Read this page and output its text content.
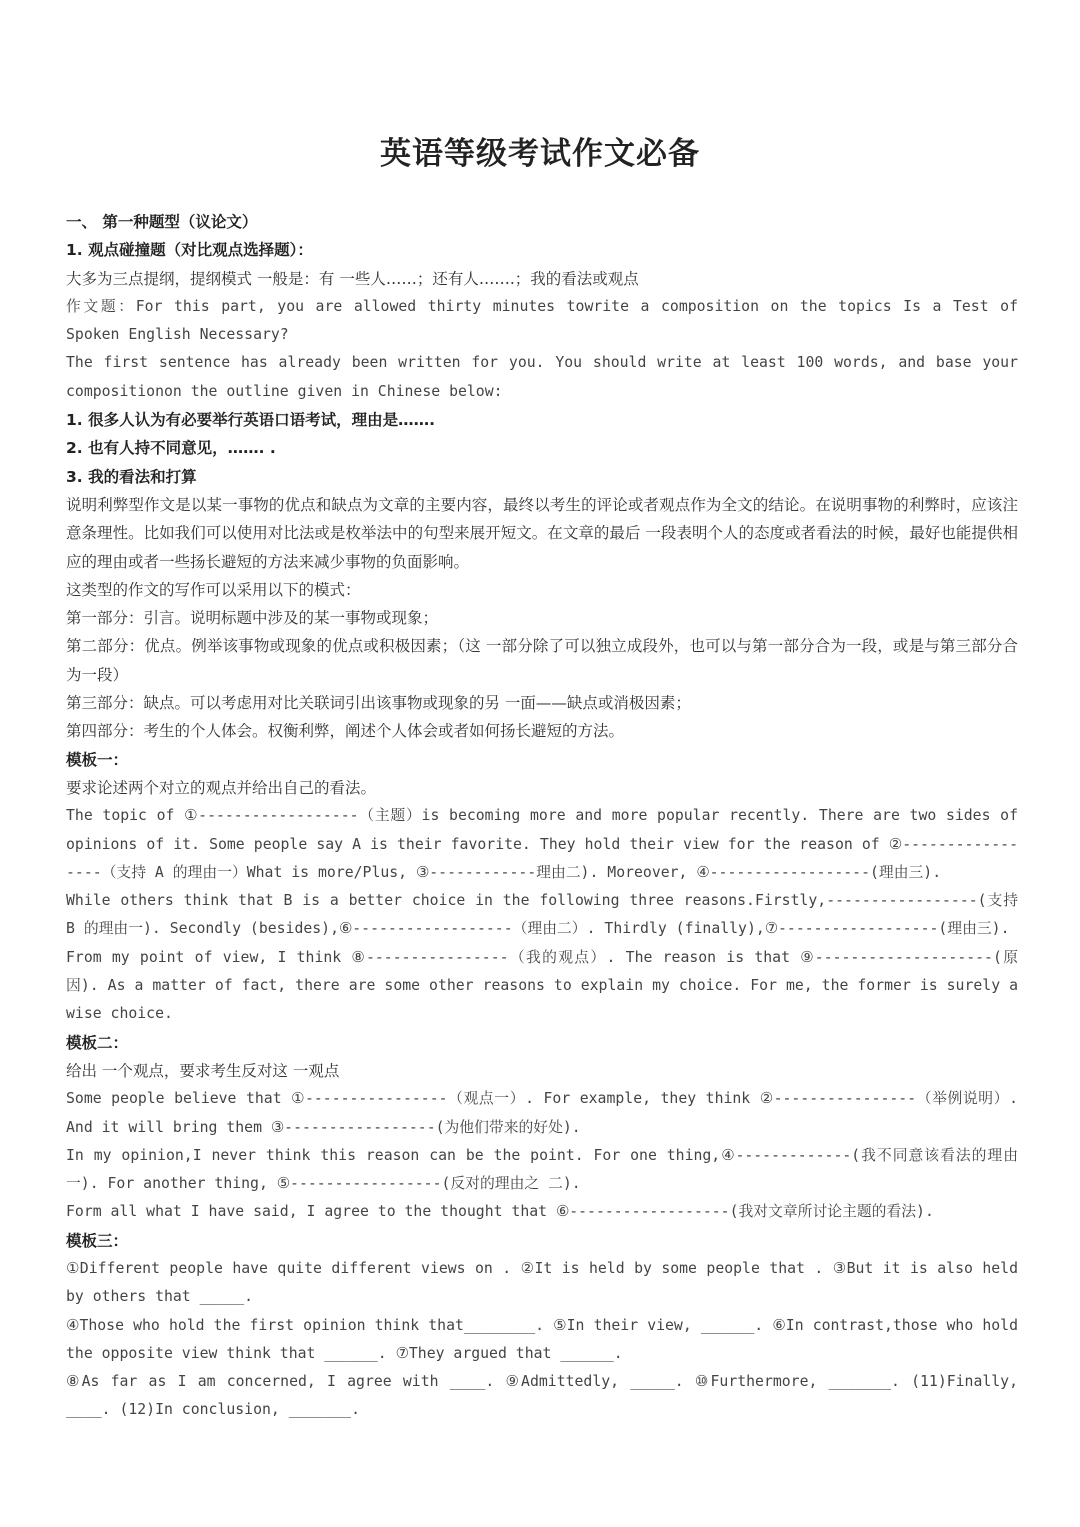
英语等级考试作文必备

一、 第一种题型（议论文）

1. 观点碰撞题（对比观点选择题）：

大多为三点提纲，提纲模式 一般是：有 一些人……；还有人…….；我的看法或观点

作文题：For this part, you are allowed thirty minutes towrite a composition on the topics Is a Test of Spoken English Necessary?

The first sentence has already been written for you. You should write at least 100 words, and base your compositionon the outline given in Chinese below:

1. 很多人认为有必要举行英语口语考试，理由是…….

2. 也有人持不同意见，……. .

3. 我的看法和打算

说明利弊型作文是以某一事物的优点和缺点为文章的主要内容，最终以考生的评论或者观点作为全文的结论。在说明事物的利弊时，应该注意条理性。比如我们可以使用对比法或是枚举法中的句型来展开短文。在文章的最后 一段表明个人的态度或者看法的时候，最好也能提供相应的理由或者一些扬长避短的方法来减少事物的负面影响。

这类型的作文的写作可以采用以下的模式：

第一部分：引言。说明标题中涉及的某一事物或现象；

第二部分：优点。例举该事物或现象的优点或积极因素；（这 一部分除了可以独立成段外，也可以与第一部分合为一段，或是与第三部分合为一段）

第三部分：缺点。可以考虑用对比关联词引出该事物或现象的另 一面——缺点或消极因素；

第四部分：考生的个人体会。权衡利弊，阐述个人体会或者如何扬长避短的方法。

模板一：

要求论述两个对立的观点并给出自己的看法。

The topic of ①------------------（主题）is becoming more and more popular recently. There are two sides of opinions of it. Some people say A is their favorite. They hold their view for the reason of ②-----------------（支持 A 的理由一）What is more/Plus, ③------------理由二). Moreover, ④------------------(理由三).

While others think that B is a better choice in the following three reasons.Firstly,-----------------(支持 B 的理由一). Secondly (besides),⑥------------------（理由二）. Thirdly (finally),⑦------------------(理由三).

From my point of view, I think ⑧----------------（我的观点）. The reason is that ⑨--------------------(原因). As a matter of fact, there are some other reasons to explain my choice. For me, the former is surely a wise choice.

模板二：

给出 一个观点，要求考生反对这 一观点

Some people believe that ①----------------（观点一）. For example, they think ②----------------（举例说明）. And it will bring them ③-----------------(为他们带来的好处).

In my opinion,I never think this reason can be the point. For one thing,④-------------(我不同意该看法的理由一). For another thing, ⑤-----------------(反对的理由之 二).

Form all what I have said, I agree to the thought that ⑥------------------(我对文章所讨论主题的看法).

模板三：

①Different people have quite different views on . ②It is held by some people that . ③But it is also held by others that _____.

④Those who hold the first opinion think that________. ⑤In their view, ______. ⑥In contrast,those who hold the opposite view think that ______. ⑦They argued that ______.

⑧As far as I am concerned, I agree with ____. ⑨Admittedly, _____. ⑩Furthermore, _______. (11)Finally, ____. (12)In conclusion, _______.
